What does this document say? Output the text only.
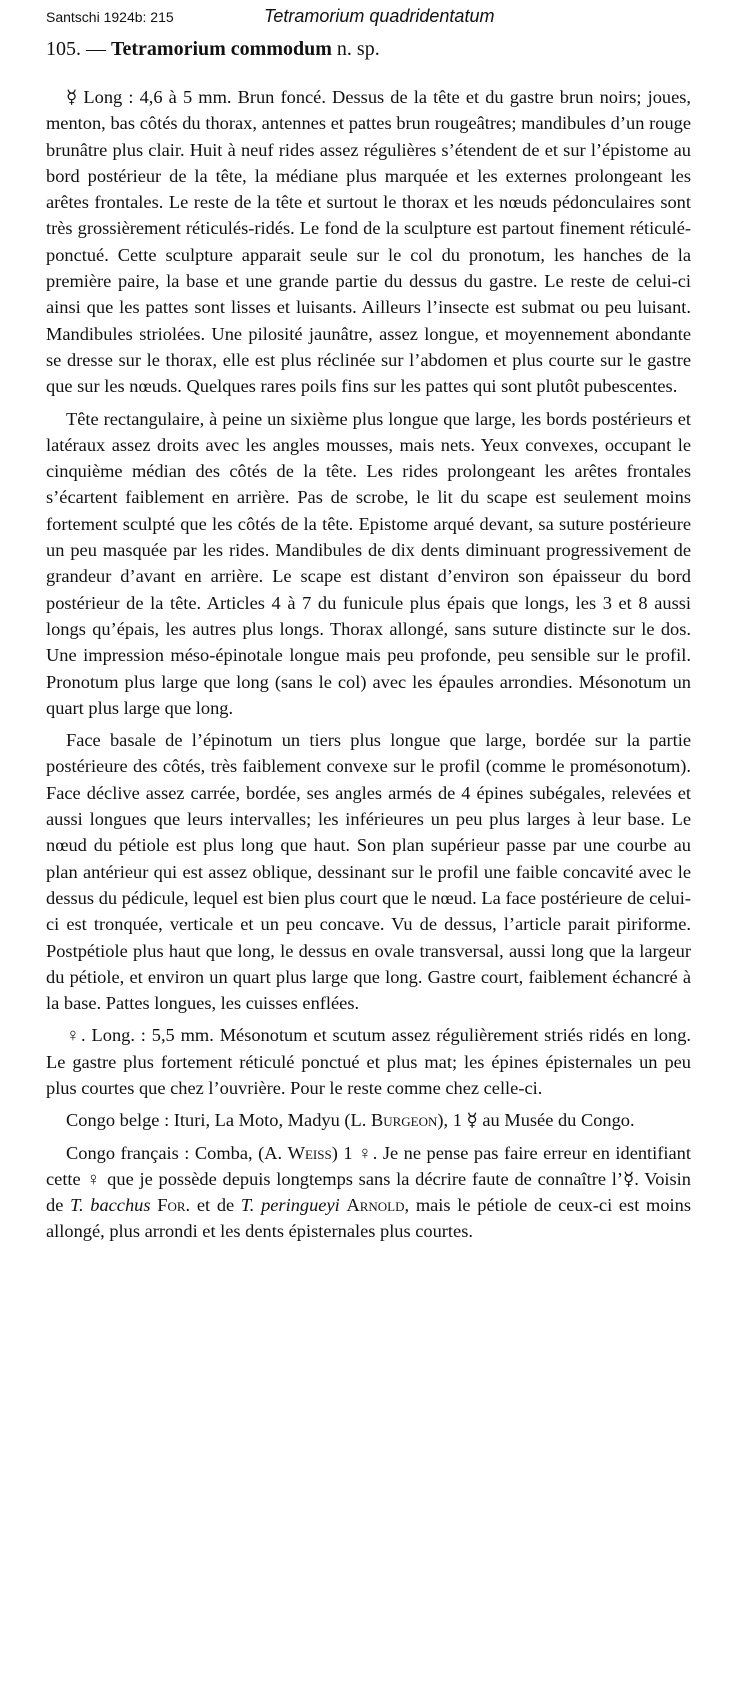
Santschi 1924b: 215	Tetramorium quadridentatum
105. — Tetramorium commodum n. sp.

☿ Long : 4,6 à 5 mm. Brun foncé. Dessus de la tête et du gastre brun noirs; joues, menton, bas côtés du thorax, antennes et pattes brun rougeâtres; mandibules d’un rouge brunâtre plus clair. Huit à neuf rides assez régulières s’étendent de et sur l’épistome au bord postérieur de la tête, la médiane plus marquée et les externes prolongeant les arêtes frontales. Le reste de la tête et surtout le thorax et les nœuds pédonculaires sont très grossièrement réticulés-ridés. Le fond de la sculpture est partout finement réticulé-ponctué. Cette sculpture apparait seule sur le col du pronotum, les hanches de la première paire, la base et une grande partie du dessus du gastre. Le reste de celui-ci ainsi que les pattes sont lisses et luisants. Ailleurs l’insecte est submat ou peu luisant. Mandibules striolées. Une pilosité jaunâtre, assez longue, et moyennement abondante se dresse sur le thorax, elle est plus réclinée sur l’abdomen et plus courte sur le gastre que sur les nœuds. Quelques rares poils fins sur les pattes qui sont plutôt pubescentes.

Tête rectangulaire, à peine un sixième plus longue que large, les bords postérieurs et latéraux assez droits avec les angles mousses, mais nets. Yeux convexes, occupant le cinquième médian des côtés de la tête. Les rides prolongeant les arêtes frontales s’écartent faiblement en arrière. Pas de scrobe, le lit du scape est seulement moins fortement sculpté que les côtés de la tête. Epistome arqué devant, sa suture postérieure un peu masquée par les rides. Mandibules de dix dents diminuant progressivement de grandeur d’avant en arrière. Le scape est distant d’environ son épaisseur du bord postérieur de la tête. Articles 4 à 7 du funicule plus épais que longs, les 3 et 8 aussi longs qu’épais, les autres plus longs. Thorax allongé, sans suture distincte sur le dos. Une impression méso-épinotale longue mais peu profonde, peu sensible sur le profil. Pronotum plus large que long (sans le col) avec les épaules arrondies. Mésonotum un quart plus large que long.

Face basale de l’épinotum un tiers plus longue que large, bordée sur la partie postérieure des côtés, très faiblement convexe sur le profil (comme le promésonotum). Face déclive assez carrée, bordée, ses angles armés de 4 épines subégales, relevées et aussi longues que leurs intervalles; les inférieures un peu plus larges à leur base. Le nœud du pétiole est plus long que haut. Son plan supérieur passe par une courbe au plan antérieur qui est assez oblique, dessinant sur le profil une faible concavité avec le dessus du pédicule, lequel est bien plus court que le nœud. La face postérieure de celui-ci est tronquée, verticale et un peu concave. Vu de dessus, l’article parait piriforme. Postpétiole plus haut que long, le dessus en ovale transversal, aussi long que la largeur du pétiole, et environ un quart plus large que long. Gastre court, faiblement échancré à la base. Pattes longues, les cuisses enflées.

♀. Long. : 5,5 mm. Mésonotum et scutum assez régulièrement striés ridés en long. Le gastre plus fortement réticulé ponctué et plus mat; les épines épisternales un peu plus courtes que chez l’ouvrière. Pour le reste comme chez celle-ci.

Congo belge : Ituri, La Moto, Madyu (L. Burgeon), 1 ☿ au Musée du Congo.

Congo français : Comba, (A. Weiss) 1 ♀. Je ne pense pas faire erreur en identifiant cette ♀ que je possède depuis longtemps sans la décrire faute de connaître l’☿. Voisin de T. bacchus For. et de T. peringueyi Arnold, mais le pétiole de ceux-ci est moins allongé, plus arrondi et les dents épisternales plus courtes.
